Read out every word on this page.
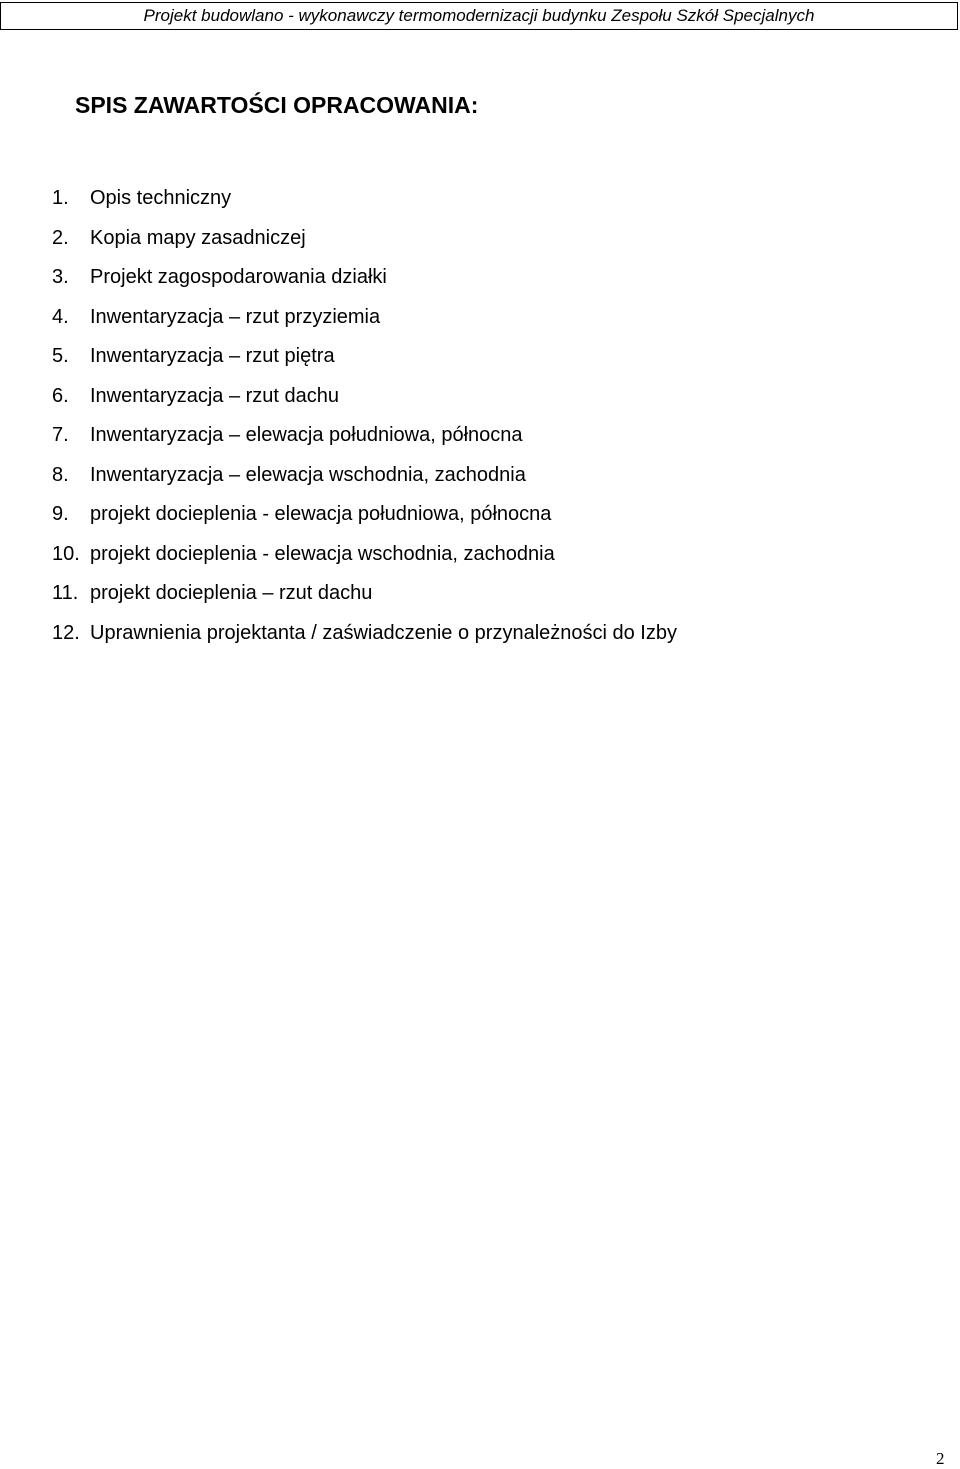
Projekt budowlano - wykonawczy termomodernizacji budynku Zespołu Szkół Specjalnych
SPIS ZAWARTOŚCI OPRACOWANIA:
1.	Opis techniczny
2.	Kopia mapy zasadniczej
3.	Projekt zagospodarowania działki
4.	Inwentaryzacja – rzut przyziemia
5.	Inwentaryzacja – rzut piętra
6.	Inwentaryzacja – rzut dachu
7.	Inwentaryzacja – elewacja południowa, północna
8.	Inwentaryzacja – elewacja wschodnia, zachodnia
9.	projekt docieplenia - elewacja południowa, północna
10. projekt docieplenia - elewacja wschodnia, zachodnia
11. projekt docieplenia – rzut dachu
12. Uprawnienia projektanta / zaświadczenie o przynależności do Izby
2
